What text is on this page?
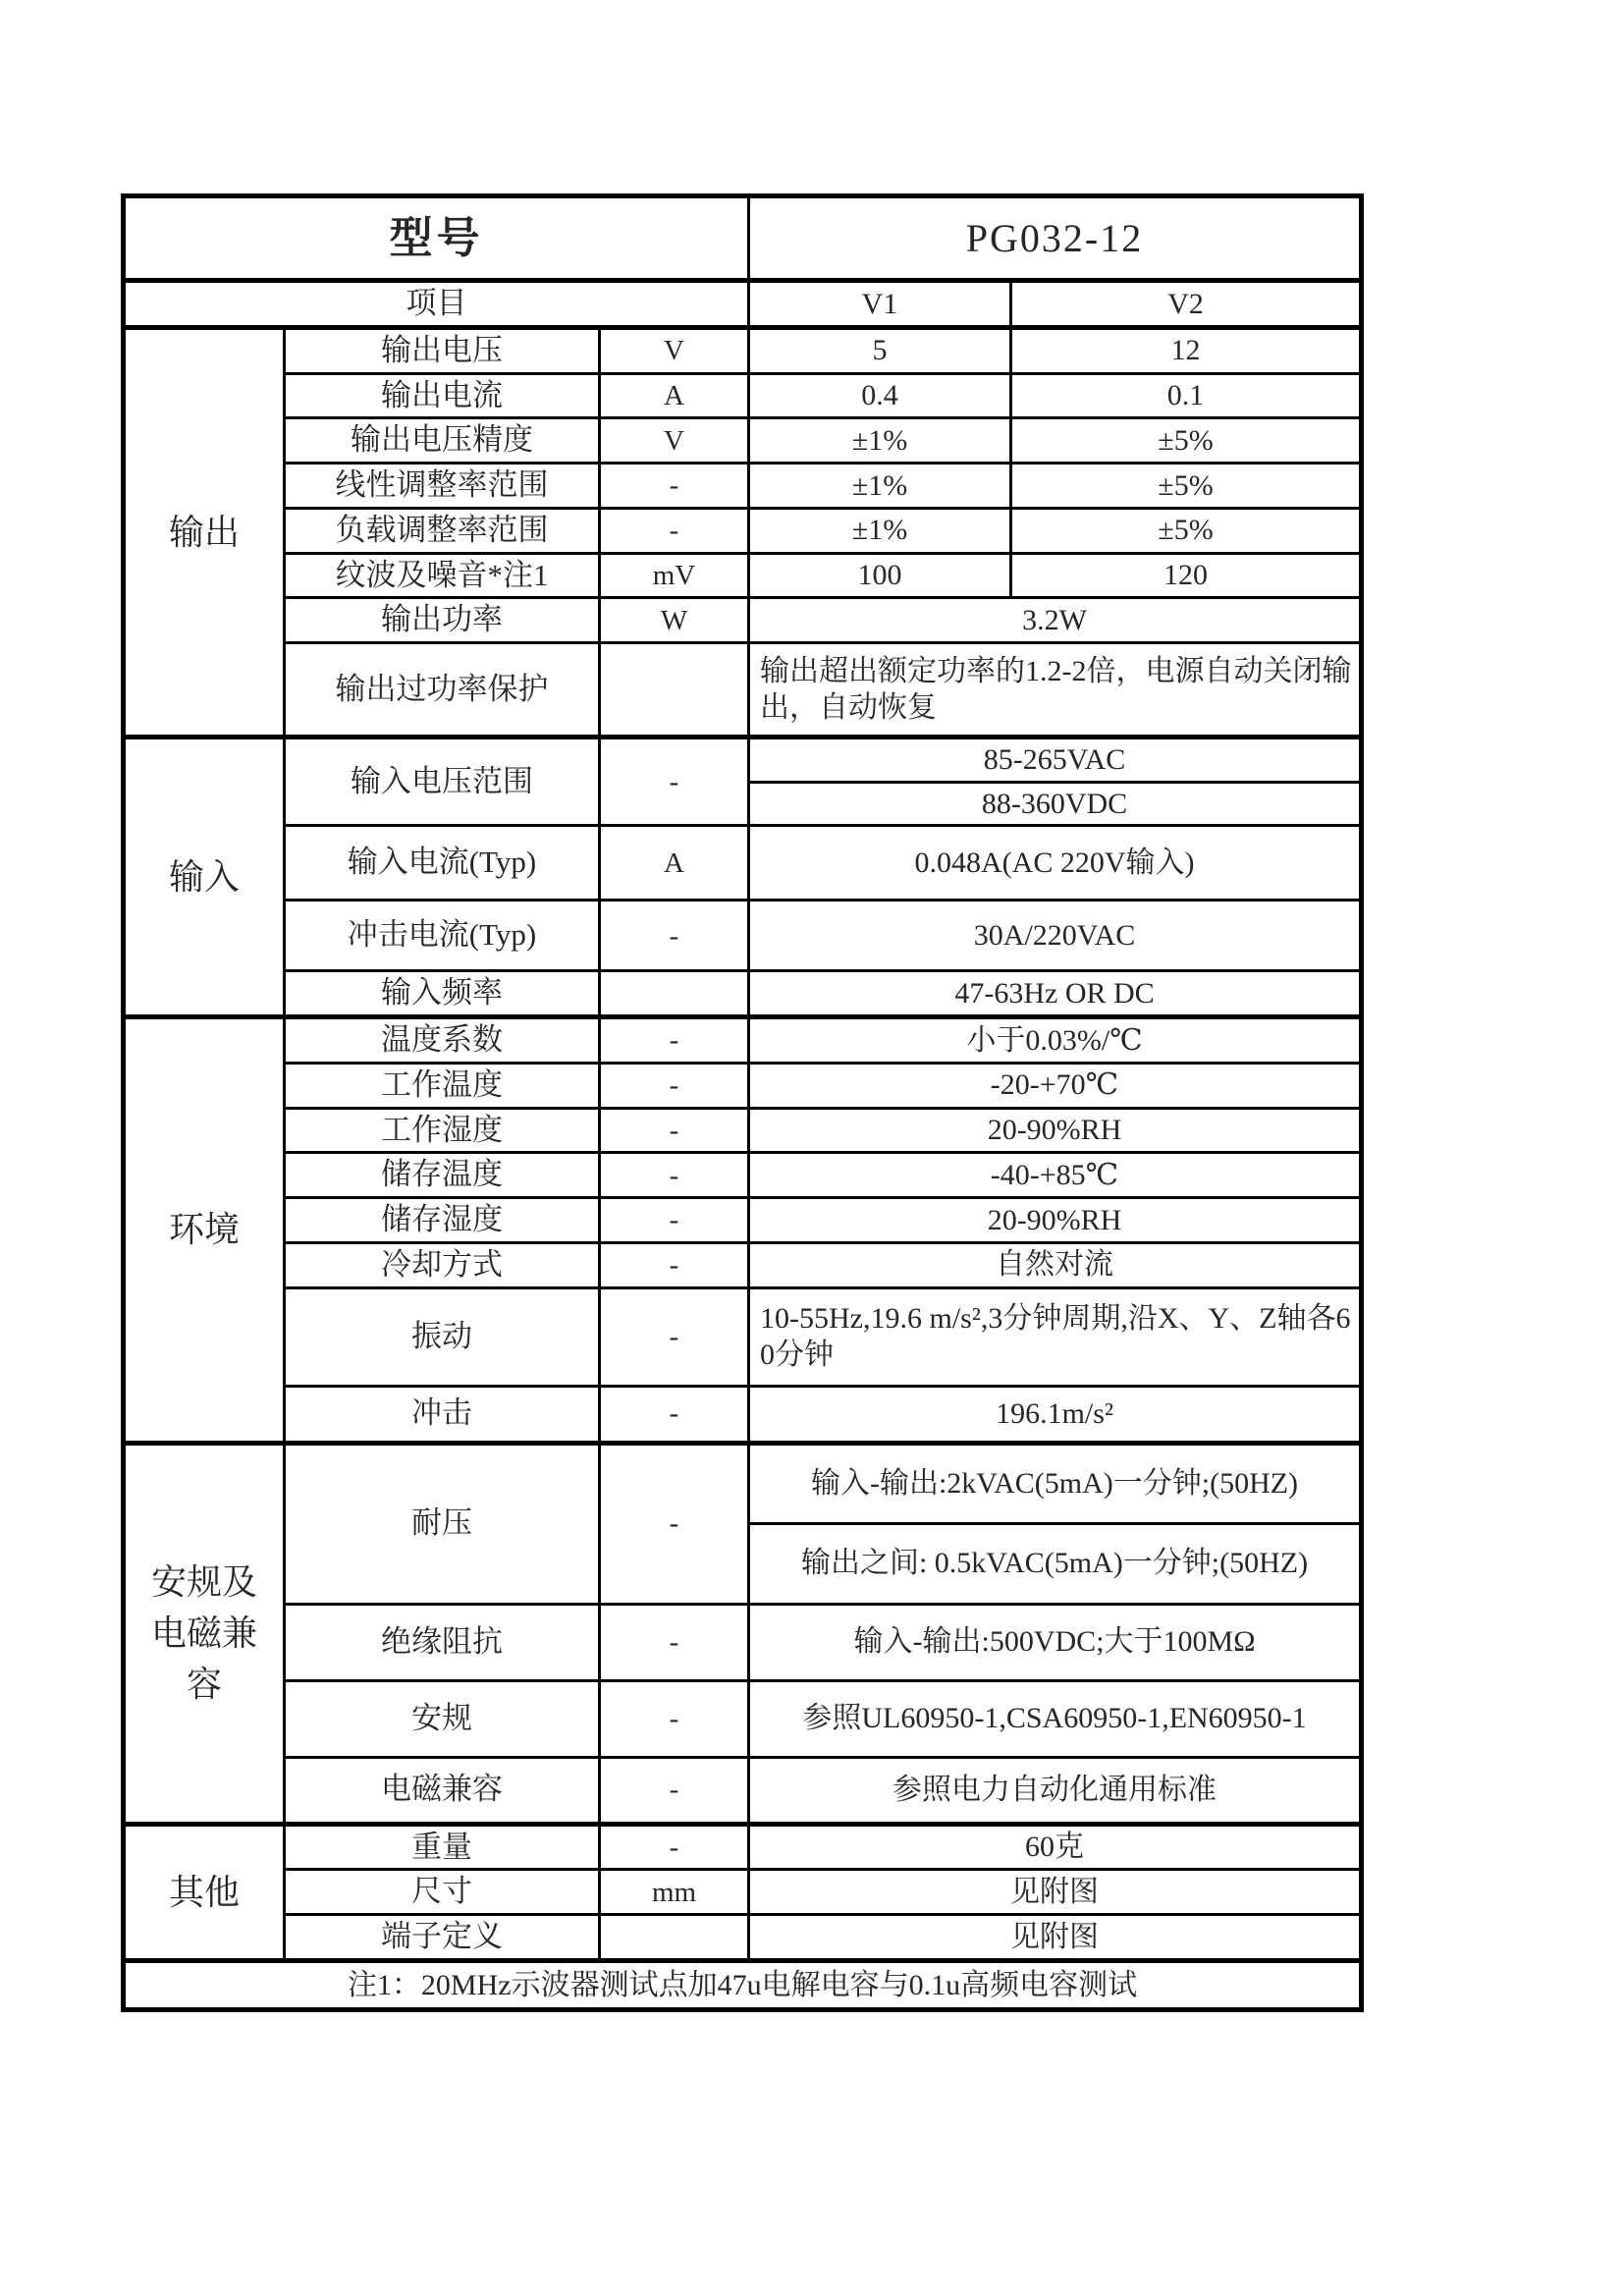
型号			PG032-12	
项目			V1	V2
输出	输出电压	V	5	12
	输出电流	A	0.4	0.1
	输出电压精度	V	±1%	±5%
	线性调整率范围	-	±1%	±5%
	负载调整率范围	-	±1%	±5%
	纹波及噪音*注1	mV	100	120
	输出功率	W	3.2W	
	输出过功率保护		输出超出额定功率的1.2-2倍，电源自动关闭输出，自动恢复	
输入	输入电压范围	-	85-265VAC	
			88-360VDC	
	输入电流(Typ)	A	0.048A(AC 220V输入)	
	冲击电流(Typ)	-	30A/220VAC	
	输入频率		47-63Hz OR DC	
环境	温度系数	-	小于0.03%/℃	
	工作温度	-	-20-+70℃	
	工作湿度	-	20-90%RH	
	储存温度	-	-40-+85℃	
	储存湿度	-	20-90%RH	
	冷却方式	-	自然对流	
	振动	-	10-55Hz,19.6 m/s²,3分钟周期,沿X、Y、Z轴各60分钟	
	冲击	-	196.1m/s²	
安规及电磁兼容	耐压	-	输入-输出:2kVAC(5mA)一分钟;(50HZ)	
			输出之间: 0.5kVAC(5mA)一分钟;(50HZ)	
	绝缘阻抗	-	输入-输出:500VDC;大于100MΩ	
	安规	-	参照UL60950-1,CSA60950-1,EN60950-1	
	电磁兼容	-	参照电力自动化通用标准	
其他	重量	-	60克	
	尺寸	mm	见附图	
	端子定义		见附图	
注1：20MHz示波器测试点加47u电解电容与0.1u高频电容测试				
